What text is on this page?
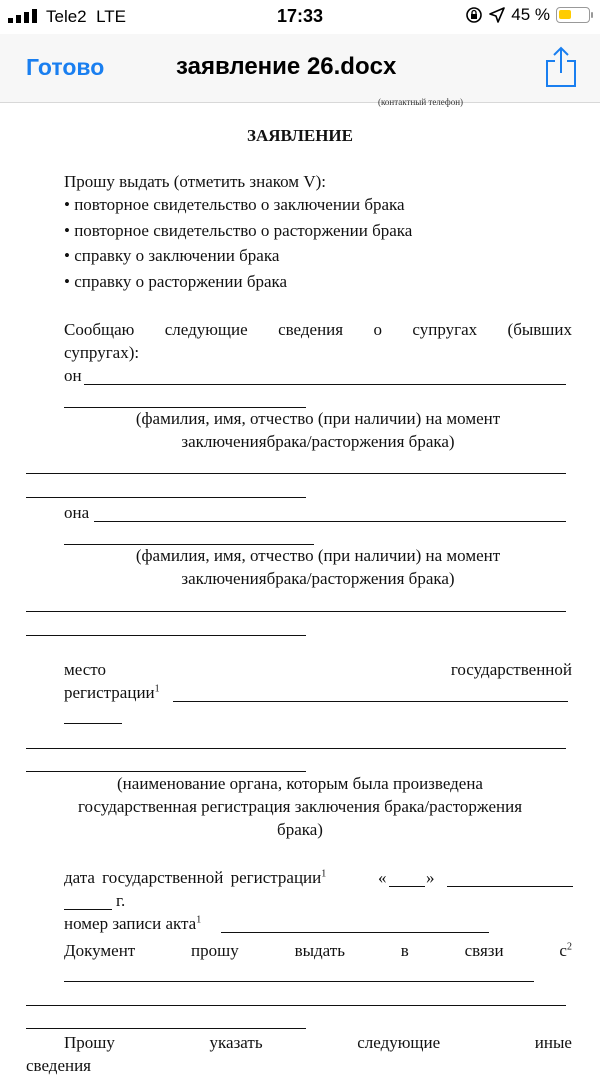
Tele2 LTE	17:33	45 %
Готово	заявление 26.docx
(контактный телефон)
ЗАЯВЛЕНИЕ
Прошу выдать (отметить знаком V):
• повторное свидетельство о заключении брака
• повторное свидетельство о расторжении брака
• справку о заключении брака
• справку о расторжении брака
Сообщаю следующие сведения о супругах (бывших
супругах):
он
(фамилия, имя, отчество (при наличии) на момент
заключениябрака/расторжения брака)
она
(фамилия, имя, отчество (при наличии) на момент
заключениябрака/расторжения брака)
место	государственной
регистрации$^1$
(наименование органа, которым была произведена
государственная регистрация заключения брака/расторжения
брака)
дата государственной регистрации$^1$	« »
г.
номер записи акта$^1$
Документ	прошу	выдать	в	связи	$с^2$
Прошу	указать	следующие	иные
сведения
